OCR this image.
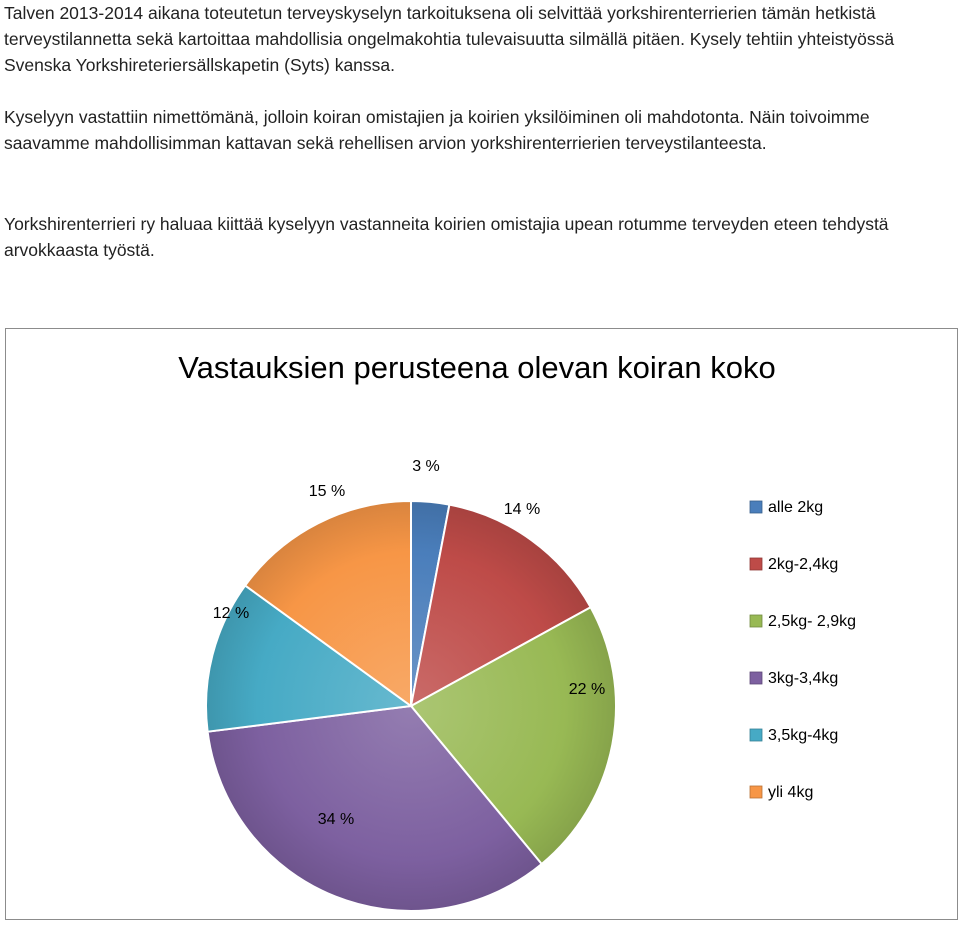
Talven 2013-2014 aikana toteutetun terveyskyselyn tarkoituksena oli selvittää yorkshirenterrierien tämän hetkistä terveystilannetta sekä kartoittaa mahdollisia ongelmakohtia tulevaisuutta silmällä pitäen. Kysely tehtiin yhteistyössä Svenska Yorkshireteriersällskapetin (Syts) kanssa.

Kyselyyn vastattiin nimettömänä, jolloin koiran omistajien ja koirien yksilöiminen oli mahdotonta. Näin toivoimme saavamme mahdollisimman kattavan sekä rehellisen arvion yorkshirenterrierien terveystilanteesta.

Yorkshirenterrieri ry haluaa kiittää kyselyyn vastanneita koirien omistajia upean rotumme terveyden eteen tehdystä arvokkaasta työstä.

Vastauksien perusteena olevan koiran koko
3 %
14 %
22 %
34 %
12 %
15 %
alle 2kg
2kg-2,4kg
2,5kg- 2,9kg
3kg-3,4kg
3,5kg-4kg
yli 4kg
